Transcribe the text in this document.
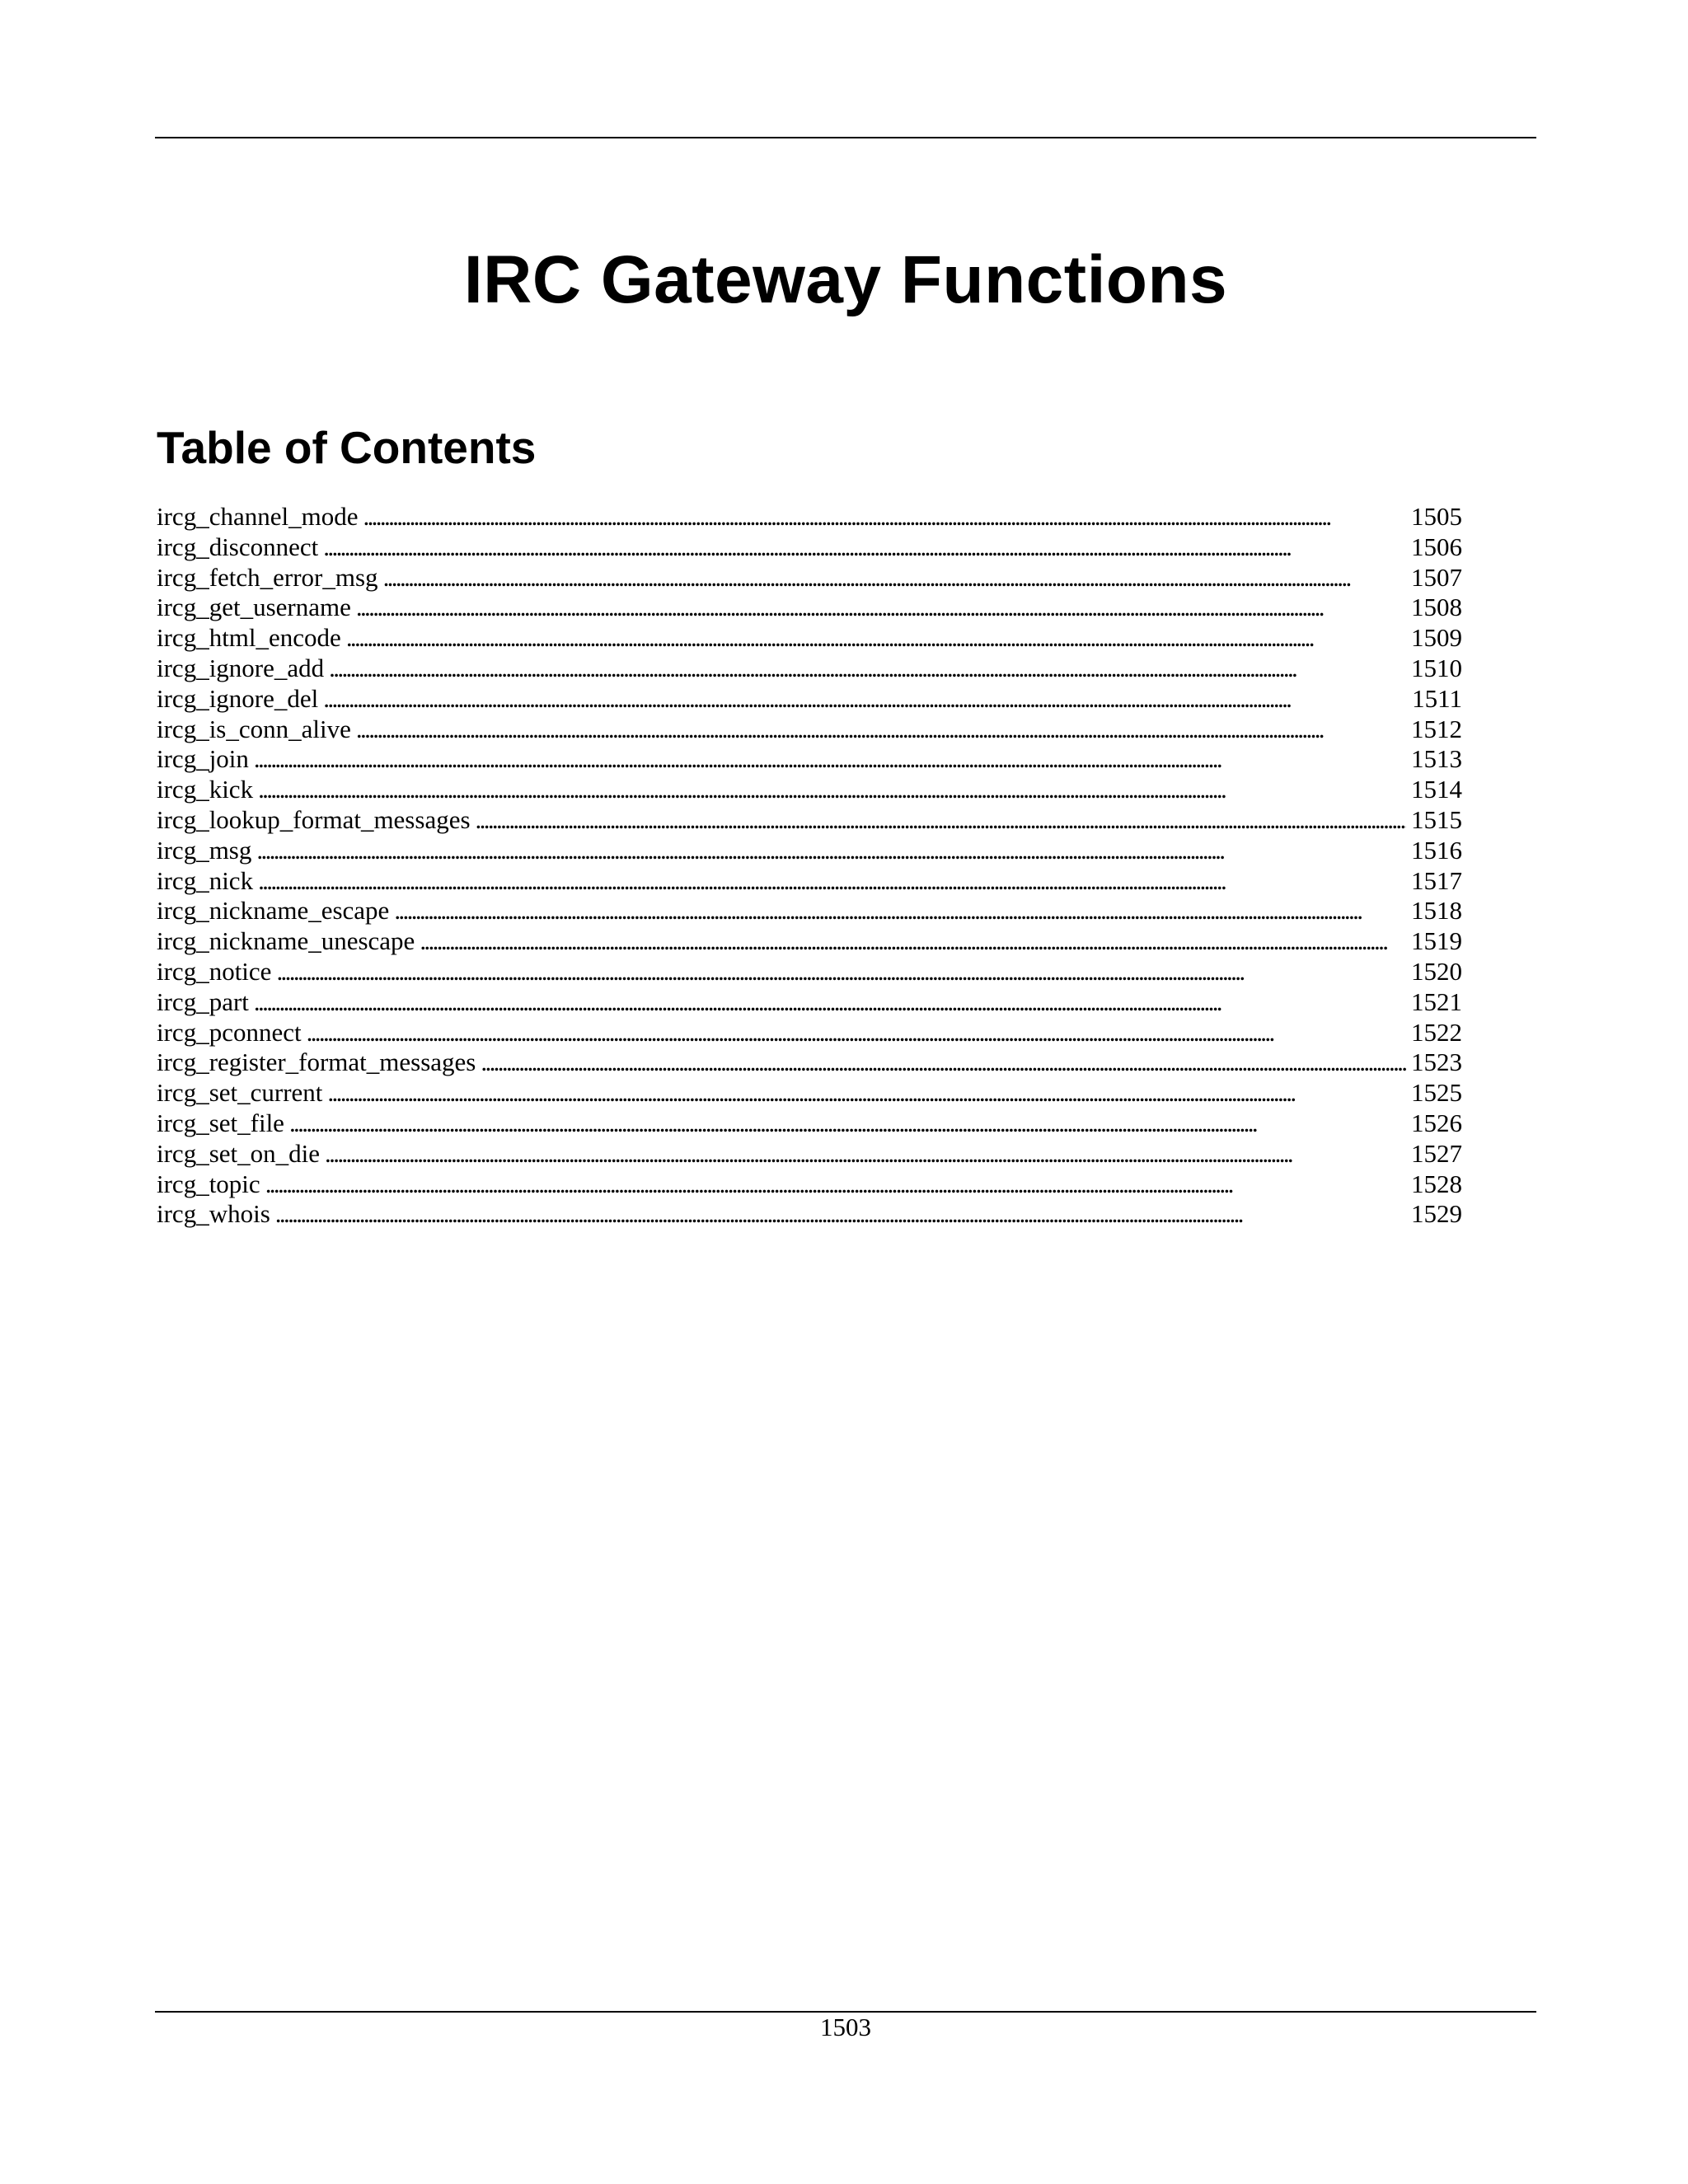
IRC Gateway Functions
Table of Contents
ircg_channel_mode . . .	1505
ircg_disconnect . . .	1506
ircg_fetch_error_msg . . .	1507
ircg_get_username . . .	1508
ircg_html_encode . . .	1509
ircg_ignore_add . . .	1510
ircg_ignore_del . . .	1511
ircg_is_conn_alive . . .	1512
ircg_join . . .	1513
ircg_kick . . .	1514
ircg_lookup_format_messages . . .	1515
ircg_msg . . .	1516
ircg_nick . . .	1517
ircg_nickname_escape . . .	1518
ircg_nickname_unescape . . .	1519
ircg_notice . . .	1520
ircg_part . . .	1521
ircg_pconnect . . .	1522
ircg_register_format_messages . . .	1523
ircg_set_current . . .	1525
ircg_set_file . . .	1526
ircg_set_on_die . . .	1527
ircg_topic . . .	1528
ircg_whois . . .	1529
1503
